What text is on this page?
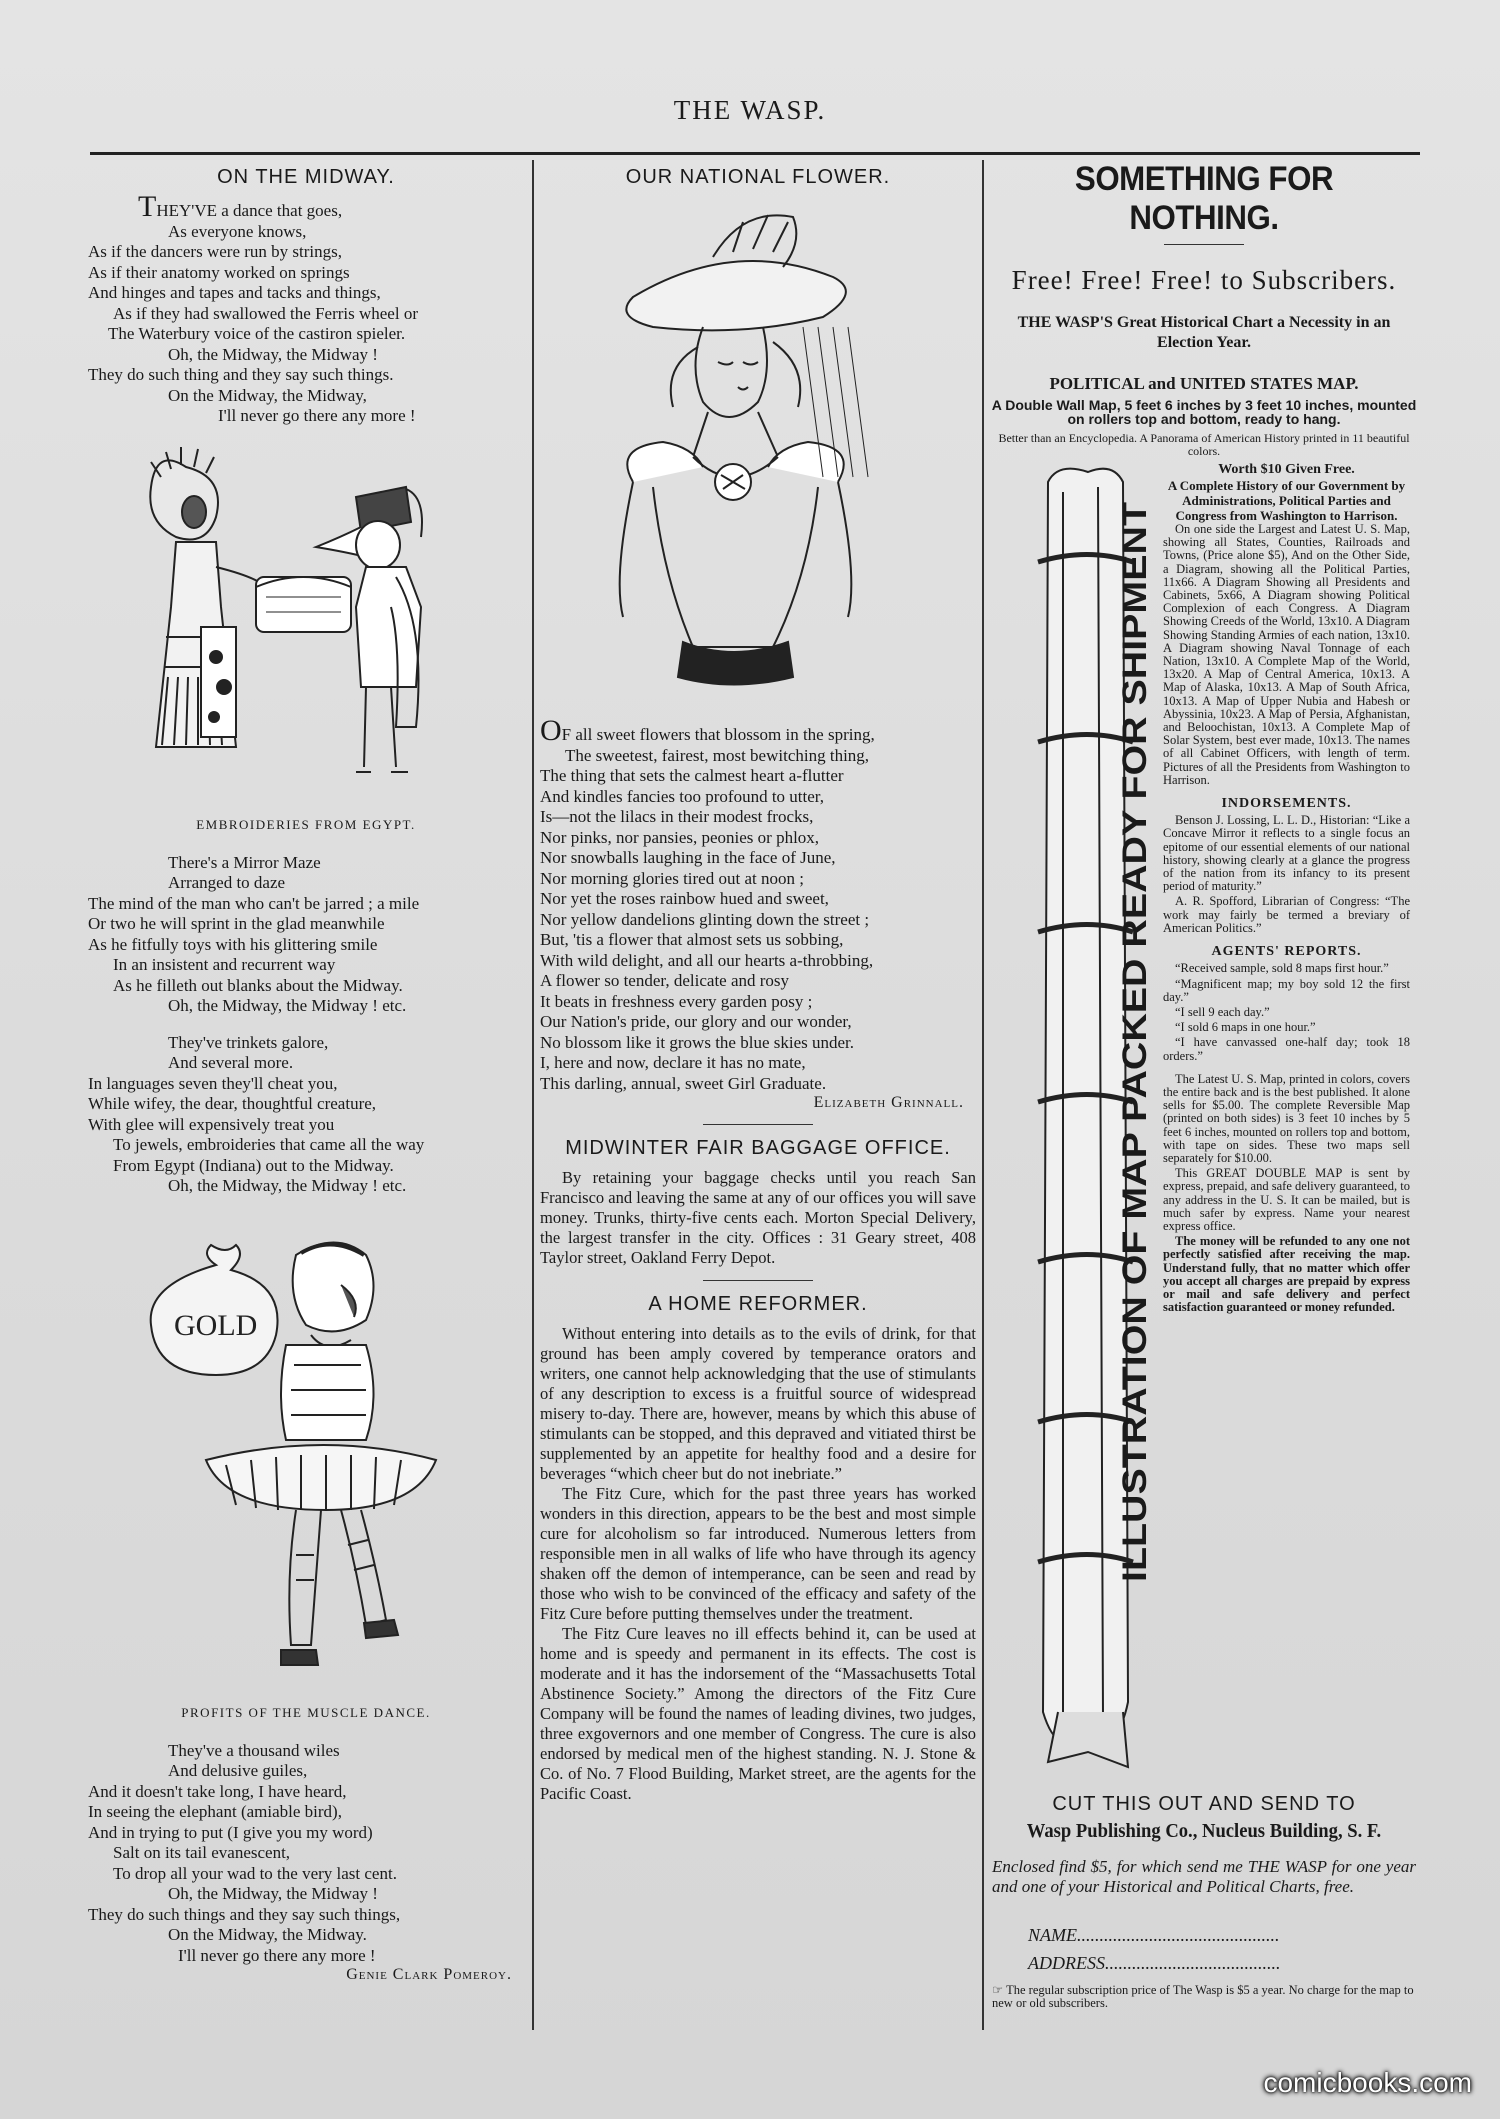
THE WASP.
ON THE MIDWAY.
THEY'VE a dance that goes,
As everyone knows,
As if the dancers were run by strings,
As if their anatomy worked on springs
And hinges and tapes and tacks and things,
As if they had swallowed the Ferris wheel or
The Waterbury voice of the castiron spieler.
Oh, the Midway, the Midway !
They do such thing and they say such things.
On the Midway, the Midway,
I'll never go there any more !
EMBROIDERIES FROM EGYPT.
There's a Mirror Maze
Arranged to daze
The mind of the man who can't be jarred ; a mile
Or two he will sprint in the glad meanwhile
As he fitfully toys with his glittering smile
In an insistent and recurrent way
As he filleth out blanks about the Midway.
Oh, the Midway, the Midway ! etc.
They've trinkets galore,
And several more.
In languages seven they'll cheat you,
While wifey, the dear, thoughtful creature,
With glee will expensively treat you
To jewels, embroideries that came all the way
From Egypt (Indiana) out to the Midway.
Oh, the Midway, the Midway ! etc.
GOLD
PROFITS OF THE MUSCLE DANCE.
They've a thousand wiles
And delusive guiles,
And it doesn't take long, I have heard,
In seeing the elephant (amiable bird),
And in trying to put (I give you my word)
Salt on its tail evanescent,
To drop all your wad to the very last cent.
Oh, the Midway, the Midway !
They do such things and they say such things,
On the Midway, the Midway.
I'll never go there any more !
Genie Clark Pomeroy.
OUR NATIONAL FLOWER.
OF all sweet flowers that blossom in the spring,
The sweetest, fairest, most bewitching thing,
The thing that sets the calmest heart a-flutter
And kindles fancies too profound to utter,
Is—not the lilacs in their modest frocks,
Nor pinks, nor pansies, peonies or phlox,
Nor snowballs laughing in the face of June,
Nor morning glories tired out at noon ;
Nor yet the roses rainbow hued and sweet,
Nor yellow dandelions glinting down the street ;
But, 'tis a flower that almost sets us sobbing,
With wild delight, and all our hearts a-throbbing,
A flower so tender, delicate and rosy
It beats in freshness every garden posy ;
Our Nation's pride, our glory and our wonder,
No blossom like it grows the blue skies under.
I, here and now, declare it has no mate,
This darling, annual, sweet Girl Graduate.
Elizabeth Grinnall.
MIDWINTER FAIR BAGGAGE OFFICE.

By retaining your baggage checks until you reach San Francisco and leaving the same at any of our offices you will save money. Trunks, thirty-five cents each. Morton Special Delivery, the largest transfer in the city. Offices : 31 Geary street, 408 Taylor street, Oakland Ferry Depot.

A HOME REFORMER.

Without entering into details as to the evils of drink, for that ground has been amply covered by temperance orators and writers, one cannot help acknowledging that the use of stimulants of any description to excess is a fruitful source of widespread misery to-day. There are, however, means by which this abuse of stimulants can be stopped, and this depraved and vitiated thirst be supplemented by an appetite for healthy food and a desire for beverages “which cheer but do not inebriate.”

The Fitz Cure, which for the past three years has worked wonders in this direction, appears to be the best and most simple cure for alcoholism so far introduced. Numerous letters from responsible men in all walks of life who have through its agency shaken off the demon of intemperance, can be seen and read by those who wish to be convinced of the efficacy and safety of the Fitz Cure before putting themselves under the treatment.

The Fitz Cure leaves no ill effects behind it, can be used at home and is speedy and permanent in its effects. The cost is moderate and it has the indorsement of the “Massachusetts Total Abstinence Society.” Among the directors of the Fitz Cure Company will be found the names of leading divines, two judges, three exgovernors and one member of Congress. The cure is also endorsed by medical men of the highest standing. N. J. Stone & Co. of No. 7 Flood Building, Market street, are the agents for the Pacific Coast.

SOMETHING FOR NOTHING.
Free! Free! Free! to Subscribers.
THE WASP'S Great Historical Chart a Necessity in an Election Year.
POLITICAL and UNITED STATES MAP.
A Double Wall Map, 5 feet 6 inches by 3 feet 10 inches, mounted on rollers top and bottom, ready to hang.
Better than an Encyclopedia. A Panorama of American History printed in 11 beautiful colors.
ILLUSTRATION OF MAP PACKED READY FOR SHIPMENT
Worth $10 Given Free.
A Complete History of our Government by Administrations, Political Parties and Congress from Washington to Harrison.

On one side the Largest and Latest U. S. Map, showing all States, Counties, Railroads and Towns, (Price alone $5), And on the Other Side, a Diagram, showing all the Political Parties, 11x66. A Diagram Showing all Presidents and Cabinets, 5x66, A Diagram showing Political Complexion of each Congress. A Diagram Showing Creeds of the World, 13x10. A Diagram Showing Standing Armies of each nation, 13x10. A Diagram showing Naval Tonnage of each Nation, 13x10. A Complete Map of the World, 13x20. A Map of Central America, 10x13. A Map of Alaska, 10x13. A Map of South Africa, 10x13. A Map of Upper Nubia and Habesh or Abyssinia, 10x23. A Map of Persia, Afghanistan, and Beloochistan, 10x13. A Complete Map of Solar System, best ever made, 10x13. The names of all Cabinet Officers, with length of term. Pictures of all the Presidents from Washington to Harrison.

INDORSEMENTS.

Benson J. Lossing, L. L. D., Historian: “Like a Concave Mirror it reflects to a single focus an epitome of our essential elements of our national history, showing clearly at a glance the progress of the nation from its infancy to its present period of maturity.”

A. R. Spofford, Librarian of Congress: “The work may fairly be termed a breviary of American Politics.”

AGENTS' REPORTS.

“Received sample, sold 8 maps first hour.”

“Magnificent map; my boy sold 12 the first day.”

“I sell 9 each day.”

“I sold 6 maps in one hour.”

“I have canvassed one-half day; took 18 orders.”

The Latest U. S. Map, printed in colors, covers the entire back and is the best published. It alone sells for $5.00. The complete Reversible Map (printed on both sides) is 3 feet 10 inches by 5 feet 6 inches, mounted on rollers top and bottom, with tape on sides. These two maps sell separately for $10.00.

This GREAT DOUBLE MAP is sent by express, prepaid, and safe delivery guaranteed, to any address in the U. S. It can be mailed, but is much safer by express. Name your nearest express office.

The money will be refunded to any one not perfectly satisfied after receiving the map. Understand fully, that no matter which offer you accept all charges are prepaid by express or mail and safe delivery and perfect satisfaction guaranteed or money refunded.

CUT THIS OUT AND SEND TO
Wasp Publishing Co., Nucleus Building, S. F.
Enclosed find $5, for which send me THE WASP for one year and one of your Historical and Political Charts, free.
NAME.............................................
ADDRESS.......................................
☞ The regular subscription price of The Wasp is $5 a year. No charge for the map to new or old subscribers.
comicbooks.com
